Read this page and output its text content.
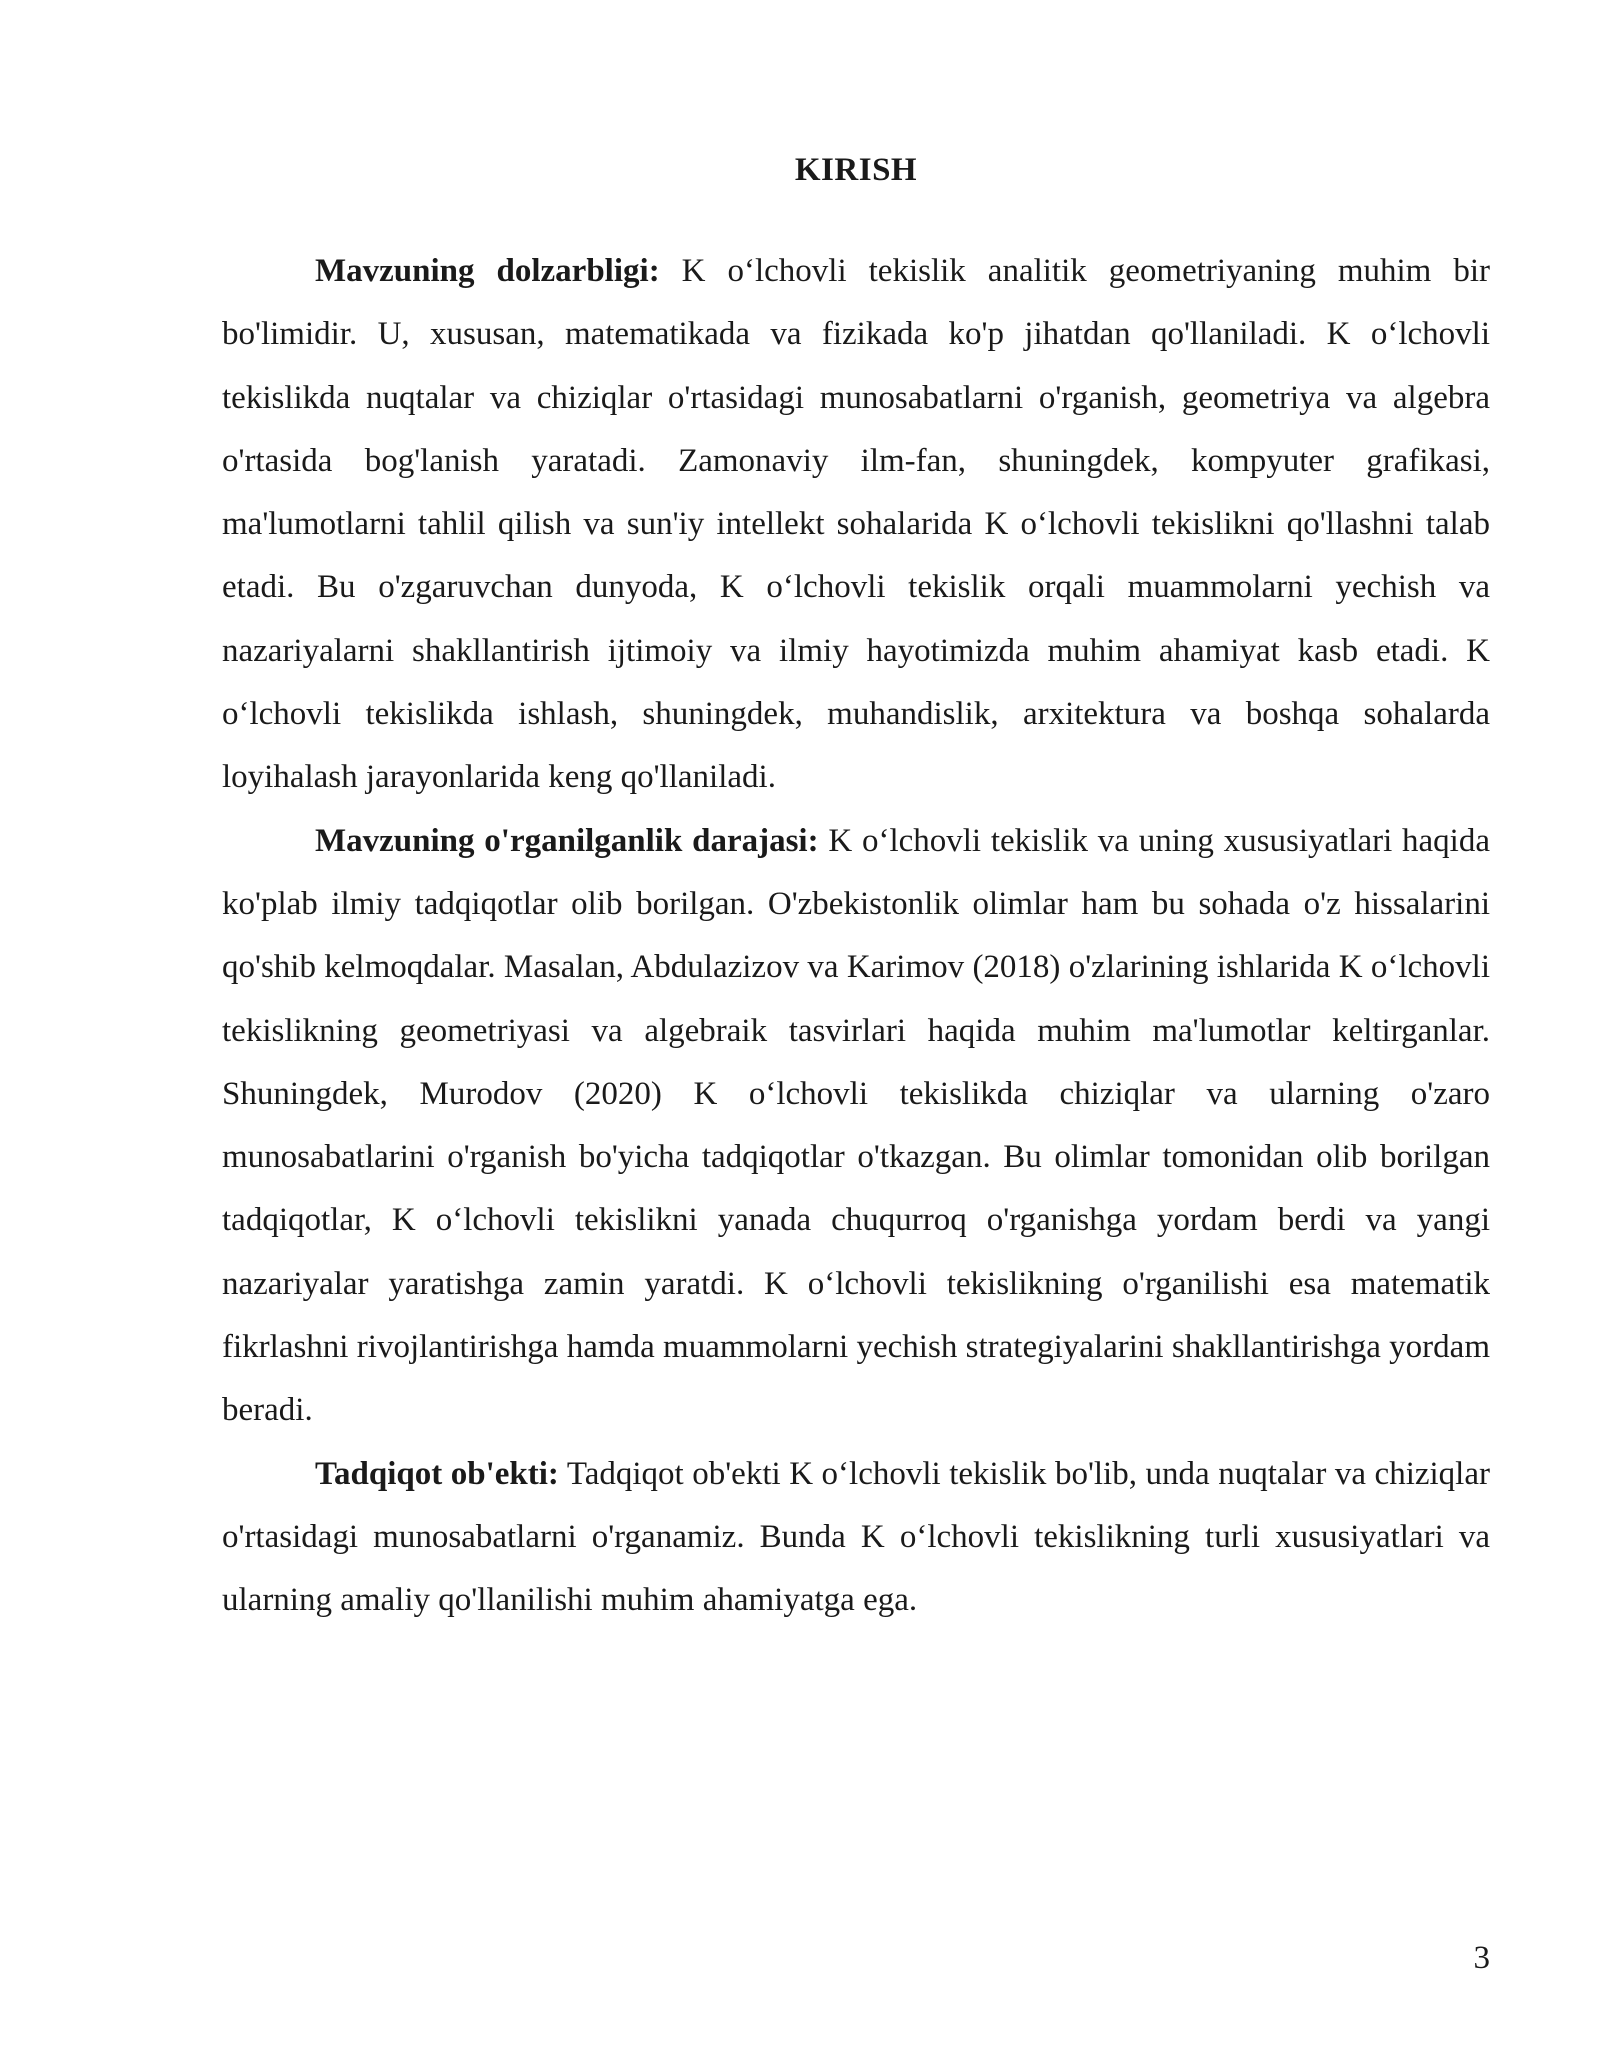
KIRISH

Mavzuning dolzarbligi: K o‘lchovli tekislik analitik geometriyaning muhim bir bo'limidir. U, xususan, matematikada va fizikada ko'p jihatdan qo'llaniladi. K o‘lchovli tekislikda nuqtalar va chiziqlar o'rtasidagi munosabatlarni o'rganish, geometriya va algebra o'rtasida bog'lanish yaratadi. Zamonaviy ilm-fan, shuningdek, kompyuter grafikasi, ma'lumotlarni tahlil qilish va sun'iy intellekt sohalarida K o‘lchovli tekislikni qo'llashni talab etadi. Bu o'zgaruvchan dunyoda, K o‘lchovli tekislik orqali muammolarni yechish va nazariyalarni shakllantirish ijtimoiy va ilmiy hayotimizda muhim ahamiyat kasb etadi. K o‘lchovli tekislikda ishlash, shuningdek, muhandislik, arxitektura va boshqa sohalarda loyihalash jarayonlarida keng qo'llaniladi.

Mavzuning o'rganilganlik darajasi: K o‘lchovli tekislik va uning xususiyatlari haqida ko'plab ilmiy tadqiqotlar olib borilgan. O'zbekistonlik olimlar ham bu sohada o'z hissalarini qo'shib kelmoqdalar. Masalan, Abdulazizov va Karimov (2018) o'zlarining ishlarida K o‘lchovli tekislikning geometriyasi va algebraik tasvirlari haqida muhim ma'lumotlar keltirganlar. Shuningdek, Murodov (2020) K o‘lchovli tekislikda chiziqlar va ularning o'zaro munosabatlarini o'rganish bo'yicha tadqiqotlar o'tkazgan. Bu olimlar tomonidan olib borilgan tadqiqotlar, K o‘lchovli tekislikni yanada chuqurroq o'rganishga yordam berdi va yangi nazariyalar yaratishga zamin yaratdi. K o‘lchovli tekislikning o'rganilishi esa matematik fikrlashni rivojlantirishga hamda muammolarni yechish strategiyalarini shakllantirishga yordam beradi.

Tadqiqot ob'ekti: Tadqiqot ob'ekti K o‘lchovli tekislik bo'lib, unda nuqtalar va chiziqlar o'rtasidagi munosabatlarni o'rganamiz. Bunda K o‘lchovli tekislikning turli xususiyatlari va ularning amaliy qo'llanilishi muhim ahamiyatga ega.

3
